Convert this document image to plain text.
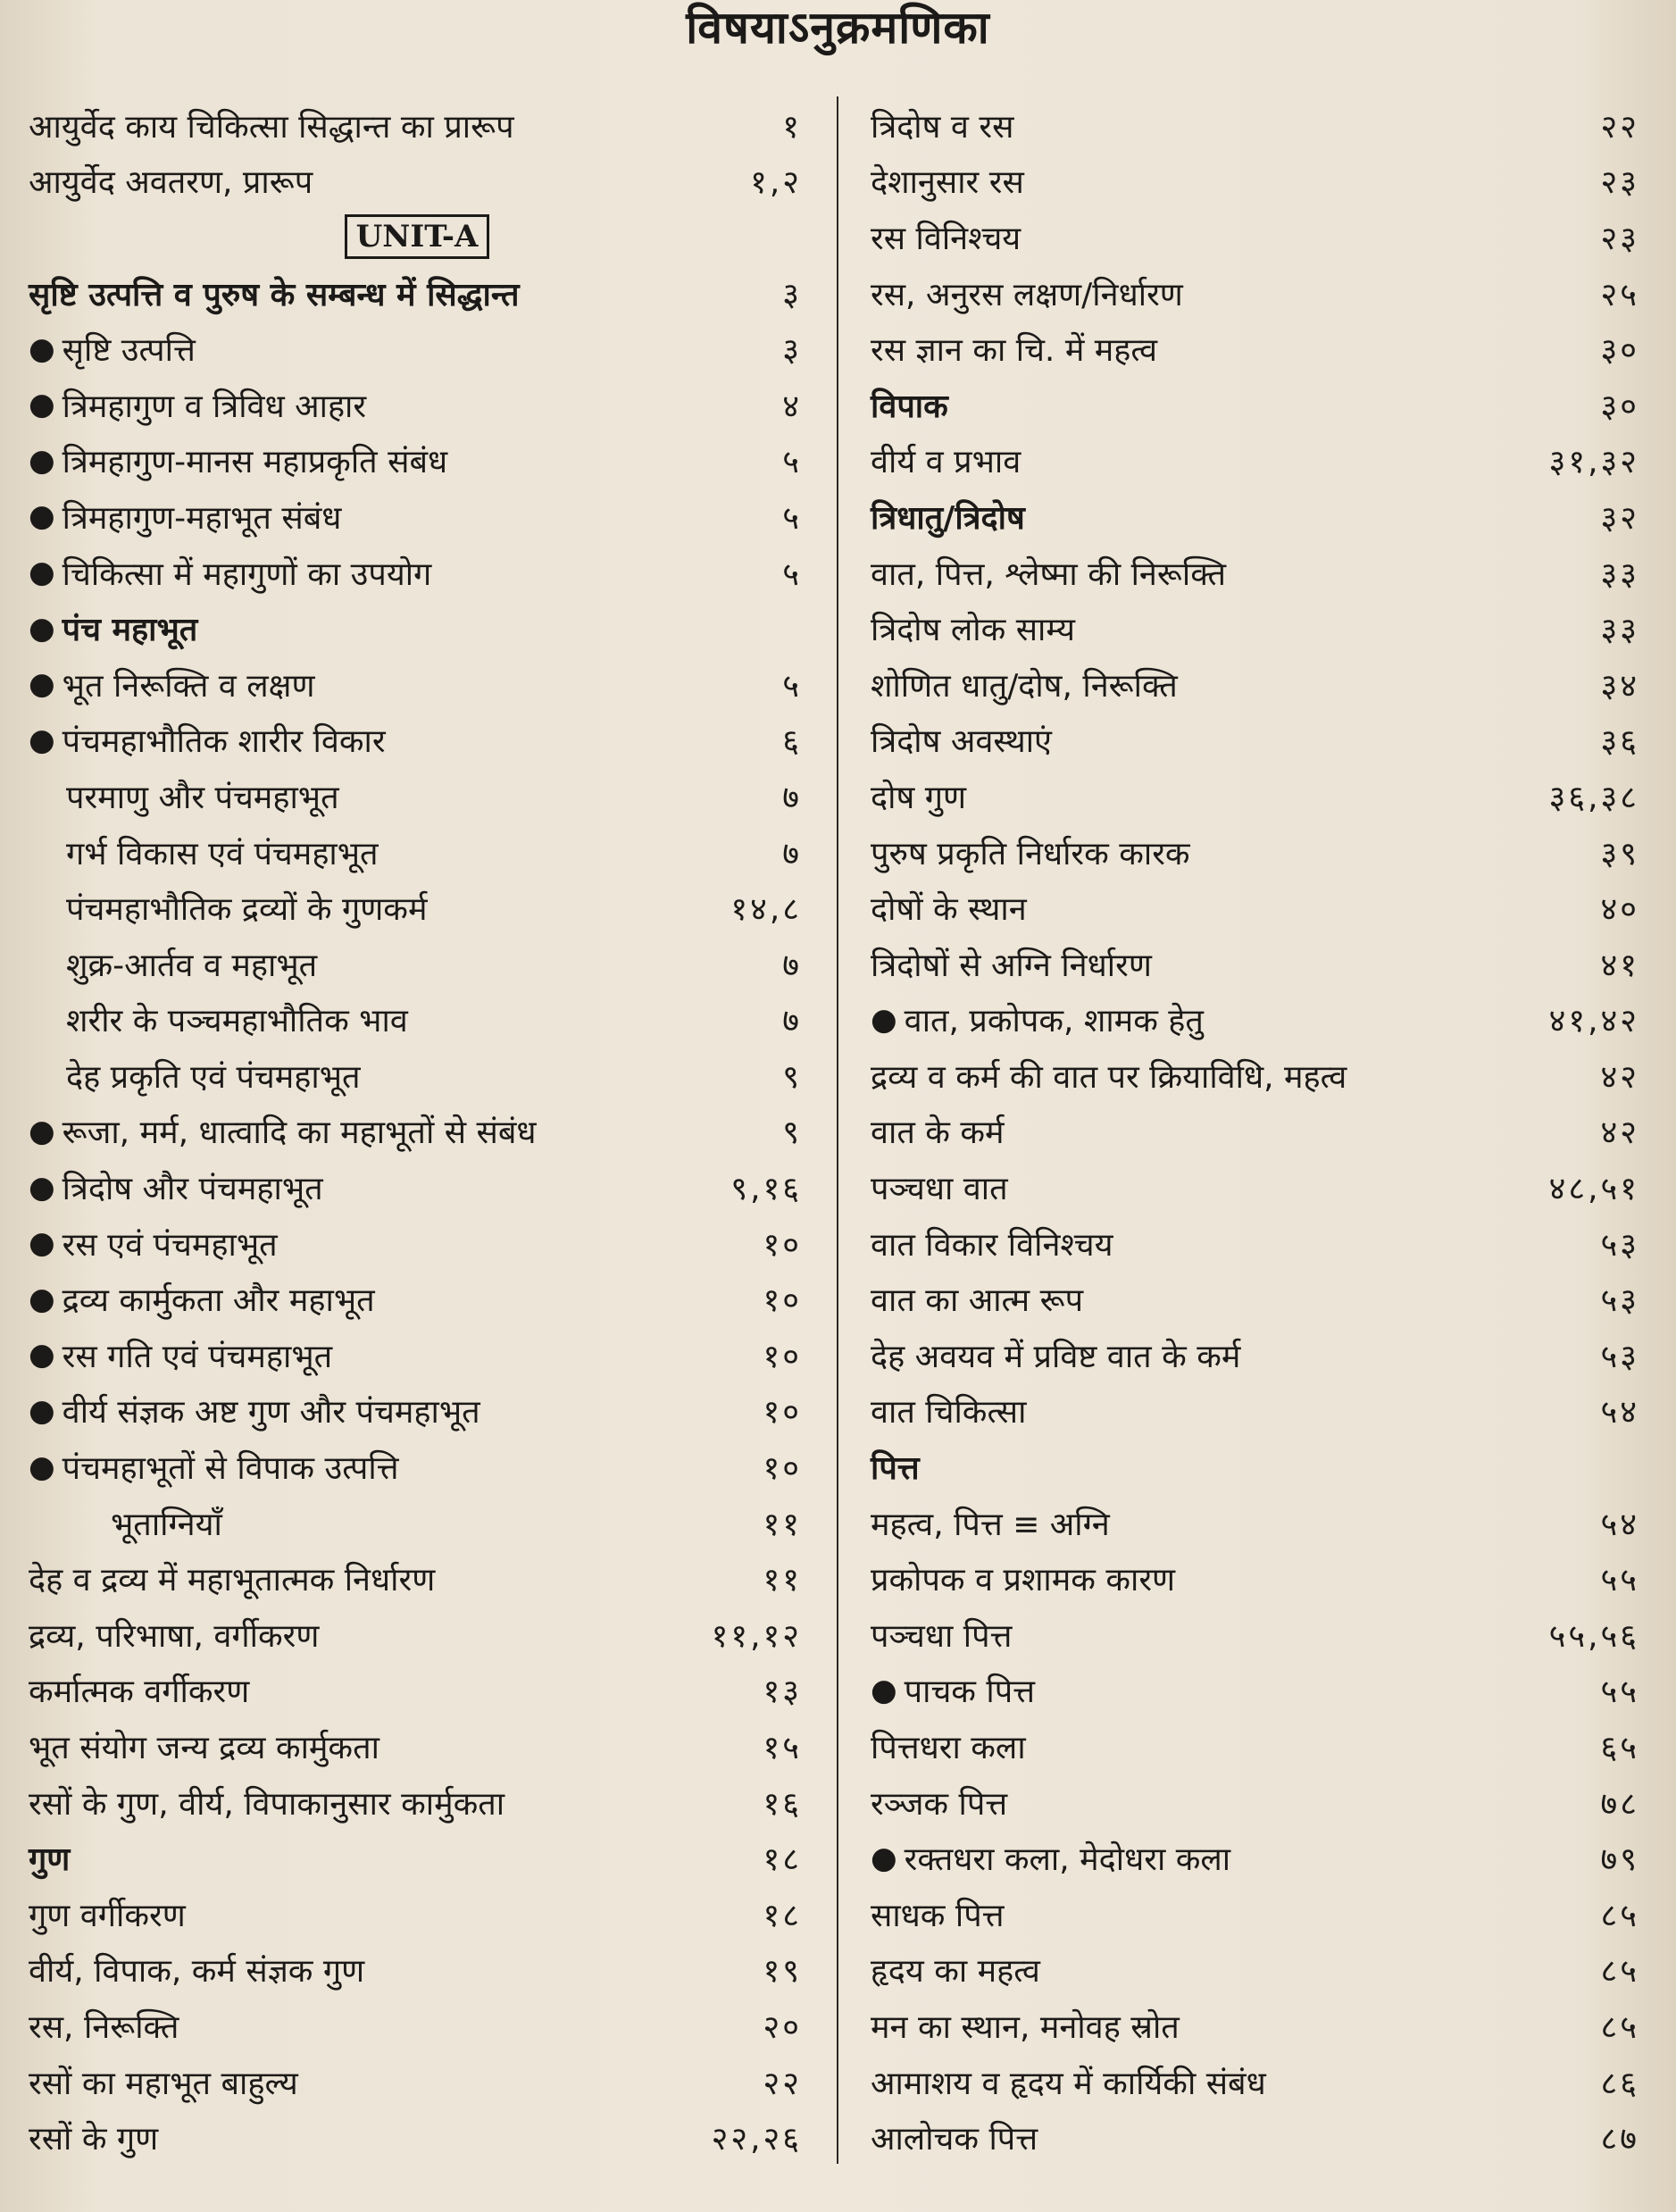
विषयाऽनुक्रमणिका
आयुर्वेद काय चिकित्सा सिद्धान्त का प्रारूप	१
आयुर्वेद अवतरण, प्रारूप	१,२
UNIT-A
सृष्टि उत्पत्ति व पुरुष के सम्बन्ध में सिद्धान्त	३
● सृष्टि उत्पत्ति	३
● त्रिमहागुण व त्रिविध आहार	४
● त्रिमहागुण-मानस महाप्रकृति संबंध	५
● त्रिमहागुण-महाभूत संबंध	५
● चिकित्सा में महागुणों का उपयोग	५
● पंच महाभूत
● भूत निरूक्ति व लक्षण	५
● पंचमहाभौतिक शारीर विकार	६
परमाणु और पंचमहाभूत	७
गर्भ विकास एवं पंचमहाभूत	७
पंचमहाभौतिक द्रव्यों के गुणकर्म	१४,८
शुक्र-आर्तव व महाभूत	७
शरीर के पञ्चमहाभौतिक भाव	७
देह प्रकृति एवं पंचमहाभूत	९
● रूजा, मर्म, धात्वादि का महाभूतों से संबंध	९
● त्रिदोष और पंचमहाभूत	९,१६
● रस एवं पंचमहाभूत	१०
● द्रव्य कार्मुकता और महाभूत	१०
● रस गति एवं पंचमहाभूत	१०
● वीर्य संज्ञक अष्ट गुण और पंचमहाभूत	१०
● पंचमहाभूतों से विपाक उत्पत्ति	१०
भूताग्नियाँ	११
देह व द्रव्य में महाभूतात्मक निर्धारण	११
द्रव्य, परिभाषा, वर्गीकरण	११,१२
कर्मात्मक वर्गीकरण	१३
भूत संयोग जन्य द्रव्य कार्मुकता	१५
रसों के गुण, वीर्य, विपाकानुसार कार्मुकता	१६
गुण	१८
गुण वर्गीकरण	१८
वीर्य, विपाक, कर्म संज्ञक गुण	१९
रस, निरूक्ति	२०
रसों का महाभूत बाहुल्य	२२
रसों के गुण	२२,२६
त्रिदोष व रस	२२
देशानुसार रस	२३
रस विनिश्चय	२३
रस, अनुरस लक्षण/निर्धारण	२५
रस ज्ञान का चि. में महत्व	३०
विपाक	३०
वीर्य व प्रभाव	३१,३२
त्रिधातु/त्रिदोष	३२
वात, पित्त, श्लेष्मा की निरूक्ति	३३
त्रिदोष लोक साम्य	३३
शोणित धातु/दोष, निरूक्ति	३४
त्रिदोष अवस्थाएं	३६
दोष गुण	३६,३८
पुरुष प्रकृति निर्धारक कारक	३९
दोषों के स्थान	४०
त्रिदोषों से अग्नि निर्धारण	४१
● वात, प्रकोपक, शामक हेतु	४१,४२
द्रव्य व कर्म की वात पर क्रियाविधि, महत्व	४२
वात के कर्म	४२
पञ्चधा वात	४८,५१
वात विकार विनिश्चय	५३
वात का आत्म रूप	५३
देह अवयव में प्रविष्ट वात के कर्म	५३
वात चिकित्सा	५४
पित्त
महत्व, पित्त ≡ अग्नि	५४
प्रकोपक व प्रशामक कारण	५५
पञ्चधा पित्त	५५,५६
● पाचक पित्त	५५
पित्तधरा कला	६५
रञ्जक पित्त	७८
● रक्तधरा कला, मेदोधरा कला	७९
साधक पित्त	८५
हृदय का महत्व	८५
मन का स्थान, मनोवह स्रोत	८५
आमाशय व हृदय में कार्यिकी संबंध	८६
आलोचक पित्त	८७
